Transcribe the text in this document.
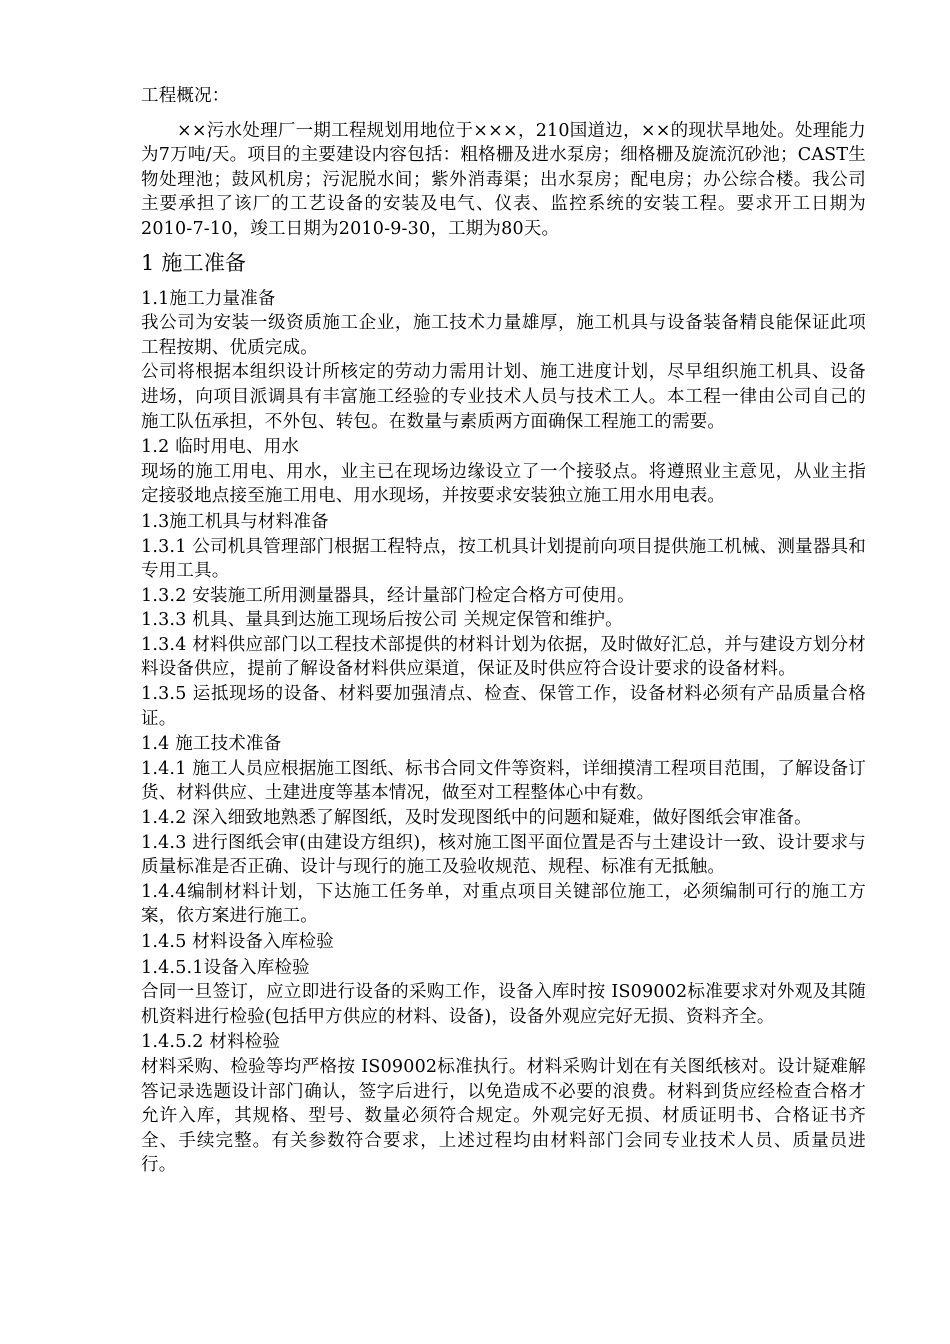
工程概况：

××污水处理厂一期工程规划用地位于×××，210国道边，××的现状旱地处。处理能力为7万吨/天。项目的主要建设内容包括：粗格栅及进水泵房；细格栅及旋流沉砂池；CAST生物处理池；鼓风机房；污泥脱水间；紫外消毒渠；出水泵房；配电房；办公综合楼。我公司主要承担了该厂的工艺设备的安装及电气、仪表、监控系统的安装工程。要求开工日期为2010-7-10，竣工日期为2010-9-30，工期为80天。

1 施工准备

1.1施工力量准备

我公司为安装一级资质施工企业，施工技术力量雄厚，施工机具与设备装备精良能保证此项工程按期、优质完成。

公司将根据本组织设计所核定的劳动力需用计划、施工进度计划，尽早组织施工机具、设备进场，向项目派调具有丰富施工经验的专业技术人员与技术工人。本工程一律由公司自己的施工队伍承担，不外包、转包。在数量与素质两方面确保工程施工的需要。

1.2 临时用电、用水

现场的施工用电、用水，业主已在现场边缘设立了一个接驳点。将遵照业主意见，从业主指定接驳地点接至施工用电、用水现场，并按要求安装独立施工用水用电表。

1.3施工机具与材料准备

1.3.1 公司机具管理部门根据工程特点，按工机具计划提前向项目提供施工机械、测量器具和专用工具。

1.3.2 安装施工所用测量器具，经计量部门检定合格方可使用。

1.3.3 机具、量具到达施工现场后按公司 关规定保管和维护。

1.3.4 材料供应部门以工程技术部提供的材料计划为依据，及时做好汇总，并与建设方划分材料设备供应，提前了解设备材料供应渠道，保证及时供应符合设计要求的设备材料。

1.3.5 运抵现场的设备、材料要加强清点、检查、保管工作，设备材料必须有产品质量合格证。

1.4 施工技术准备

1.4.1 施工人员应根据施工图纸、标书合同文件等资料，详细摸清工程项目范围，了解设备订货、材料供应、土建进度等基本情况，做至对工程整体心中有数。

1.4.2 深入细致地熟悉了解图纸，及时发现图纸中的问题和疑难，做好图纸会审准备。

1.4.3 进行图纸会审(由建设方组织)，核对施工图平面位置是否与土建设计一致、设计要求与质量标准是否正确、设计与现行的施工及验收规范、规程、标准有无抵触。

1.4.4编制材料计划，下达施工任务单，对重点项目关键部位施工，必须编制可行的施工方案，依方案进行施工。

1.4.5 材料设备入库检验

1.4.5.1设备入库检验

合同一旦签订，应立即进行设备的采购工作，设备入库时按 IS09002标准要求对外观及其随机资料进行检验(包括甲方供应的材料、设备)，设备外观应完好无损、资料齐全。

1.4.5.2 材料检验

材料采购、检验等均严格按 IS09002标准执行。材料采购计划在有关图纸核对。设计疑难解答记录选题设计部门确认，签字后进行，以免造成不必要的浪费。材料到货应经检查合格才允许入库，其规格、型号、数量必须符合规定。外观完好无损、材质证明书、合格证书齐全、手续完整。有关参数符合要求，上述过程均由材料部门会同专业技术人员、质量员进行。
